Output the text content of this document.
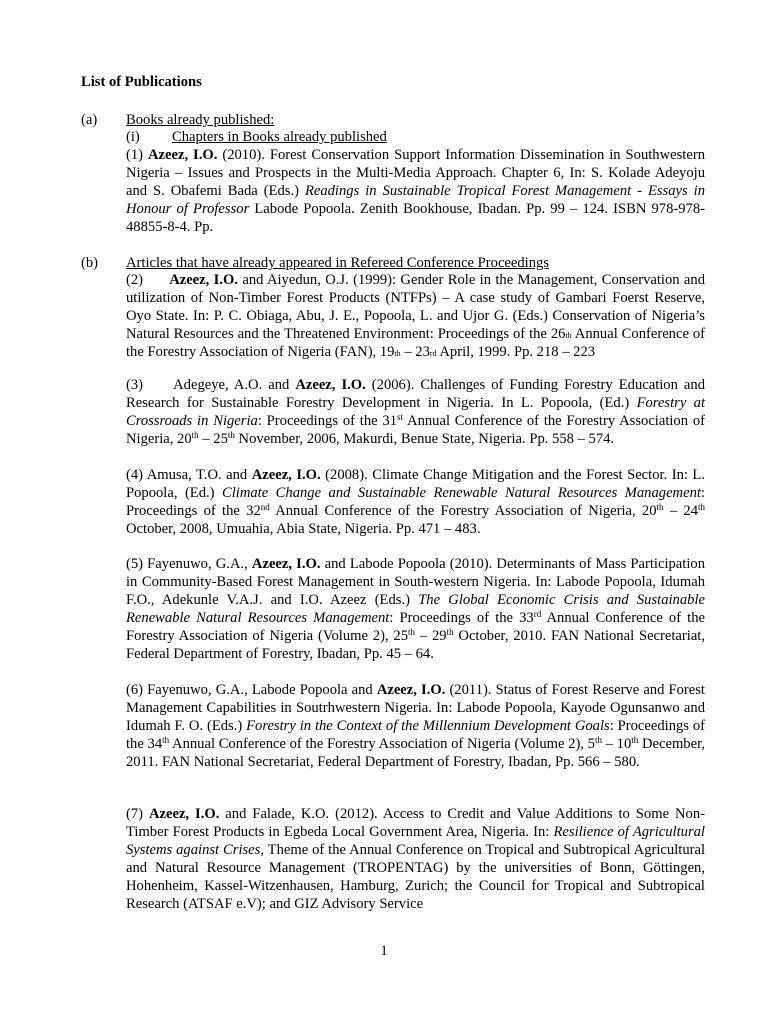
List of Publications
(a) Books already published:
(i) Chapters in Books already published
(1) Azeez, I.O. (2010). Forest Conservation Support Information Dissemination in Southwestern Nigeria – Issues and Prospects in the Multi-Media Approach. Chapter 6, In: S. Kolade Adeyoju and S. Obafemi Bada (Eds.) Readings in Sustainable Tropical Forest Management - Essays in Honour of Professor Labode Popoola. Zenith Bookhouse, Ibadan. Pp. 99 – 124. ISBN 978-978-48855-8-4. Pp.
(b) Articles that have already appeared in Refereed Conference Proceedings
(2) Azeez, I.O. and Aiyedun, O.J. (1999): Gender Role in the Management, Conservation and utilization of Non-Timber Forest Products (NTFPs) – A case study of Gambari Foerst Reserve, Oyo State. In: P. C. Obiaga, Abu, J. E., Popoola, L. and Ujor G. (Eds.) Conservation of Nigeria’s Natural Resources and the Threatened Environment: Proceedings of the 26th Annual Conference of the Forestry Association of Nigeria (FAN), 19th – 23rd April, 1999. Pp. 218 – 223
(3) Adegeye, A.O. and Azeez, I.O. (2006). Challenges of Funding Forestry Education and Research for Sustainable Forestry Development in Nigeria. In L. Popoola, (Ed.) Forestry at Crossroads in Nigeria: Proceedings of the 31st Annual Conference of the Forestry Association of Nigeria, 20th – 25th November, 2006, Makurdi, Benue State, Nigeria. Pp. 558 – 574.
(4) Amusa, T.O. and Azeez, I.O. (2008). Climate Change Mitigation and the Forest Sector. In: L. Popoola, (Ed.) Climate Change and Sustainable Renewable Natural Resources Management: Proceedings of the 32nd Annual Conference of the Forestry Association of Nigeria, 20th – 24th October, 2008, Umuahia, Abia State, Nigeria. Pp. 471 – 483.
(5) Fayenuwo, G.A., Azeez, I.O. and Labode Popoola (2010). Determinants of Mass Participation in Community-Based Forest Management in South-western Nigeria. In: Labode Popoola, Idumah F.O., Adekunle V.A.J. and I.O. Azeez (Eds.) The Global Economic Crisis and Sustainable Renewable Natural Resources Management: Proceedings of the 33rd Annual Conference of the Forestry Association of Nigeria (Volume 2), 25th – 29th October, 2010. FAN National Secretariat, Federal Department of Forestry, Ibadan, Pp. 45 – 64.
(6) Fayenuwo, G.A., Labode Popoola and Azeez, I.O. (2011). Status of Forest Reserve and Forest Management Capabilities in Soutrhwestern Nigeria. In: Labode Popoola, Kayode Ogunsanwo and Idumah F. O. (Eds.) Forestry in the Context of the Millennium Development Goals: Proceedings of the 34th Annual Conference of the Forestry Association of Nigeria (Volume 2), 5th – 10th December, 2011. FAN National Secretariat, Federal Department of Forestry, Ibadan, Pp. 566 – 580.
(7) Azeez, I.O. and Falade, K.O. (2012). Access to Credit and Value Additions to Some Non-Timber Forest Products in Egbeda Local Government Area, Nigeria. In: Resilience of Agricultural Systems against Crises, Theme of the Annual Conference on Tropical and Subtropical Agricultural and Natural Resource Management (TROPENTAG) by the universities of Bonn, Göttingen, Hohenheim, Kassel-Witzenhausen, Hamburg, Zurich; the Council for Tropical and Subtropical Research (ATSAF e.V); and GIZ Advisory Service
1
